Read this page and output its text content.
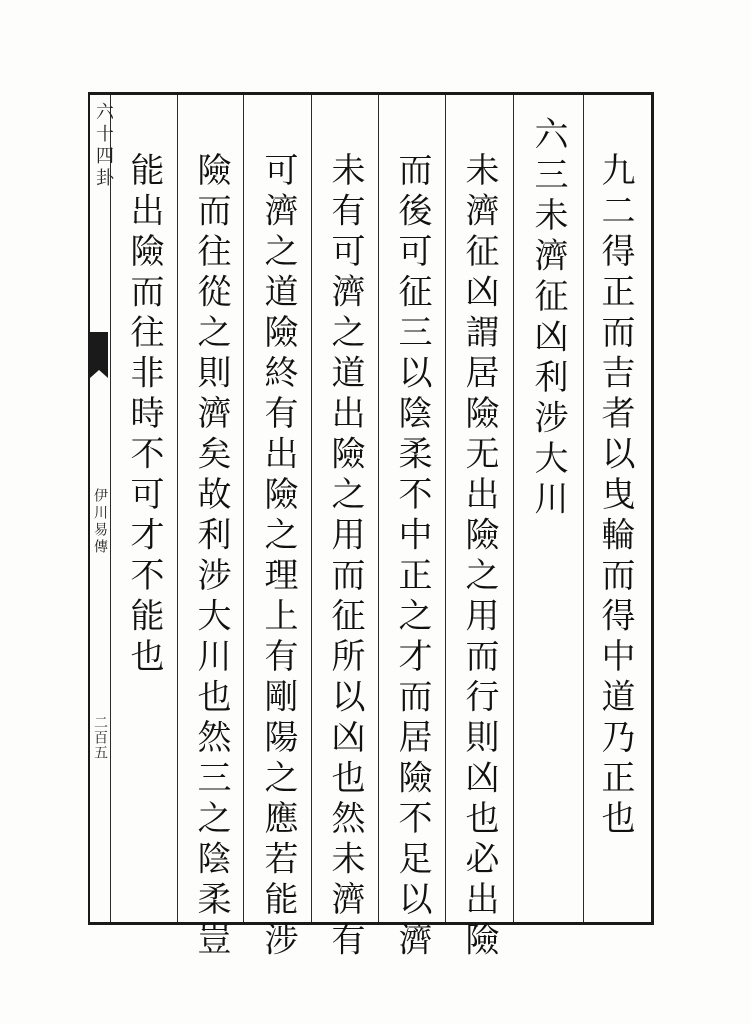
九二得正而吉者以曳輪而得中道乃正也
六三未濟征凶利涉大川
未濟征凶謂居險无出險之用而行則凶也必出險
而後可征三以陰柔不中正之才而居險不足以濟
未有可濟之道出險之用而征所以凶也然未濟有
可濟之道險終有出險之理上有剛陽之應若能涉
險而往從之則濟矣故利涉大川也然三之陰柔豈
能出險而往非時不可才不能也
六十四卦
伊川易傳
二百五
